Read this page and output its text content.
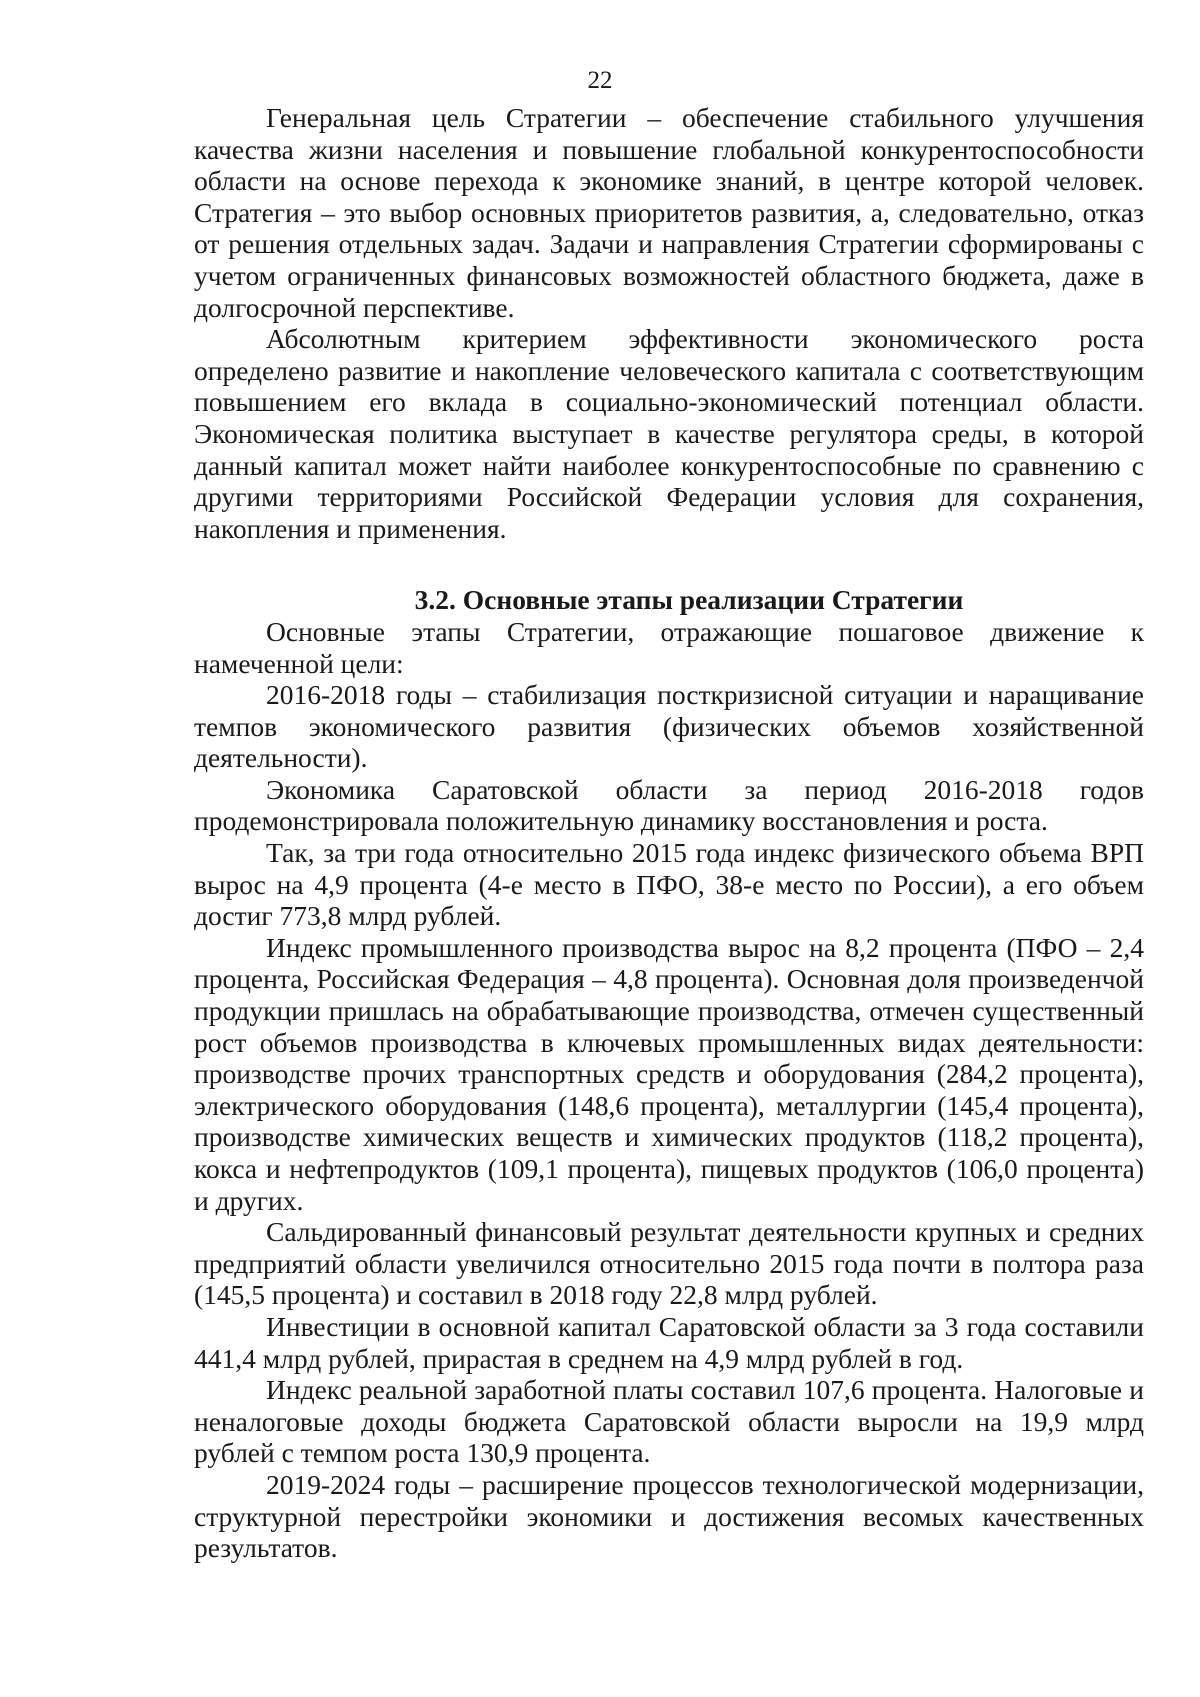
22

Генеральная цель Стратегии – обеспечение стабильного улучшения качества жизни населения и повышение глобальной конкурентоспособности области на основе перехода к экономике знаний, в центре которой человек. Стратегия – это выбор основных приоритетов развития, а, следовательно, отказ от решения отдельных задач. Задачи и направления Стратегии сформированы с учетом ограниченных финансовых возможностей областного бюджета, даже в долгосрочной перспективе.

Абсолютным критерием эффективности экономического роста определено развитие и накопление человеческого капитала с соответствующим повышением его вклада в социально-экономический потенциал области. Экономическая политика выступает в качестве регулятора среды, в которой данный капитал может найти наиболее конкурентоспособные по сравнению с другими территориями Российской Федерации условия для сохранения, накопления и применения.

3.2. Основные этапы реализации Стратегии

Основные этапы Стратегии, отражающие пошаговое движение к намеченной цели:

2016-2018 годы – стабилизация посткризисной ситуации и наращивание темпов экономического развития (физических объемов хозяйственной деятельности).

Экономика Саратовской области за период 2016-2018 годов продемонстрировала положительную динамику восстановления и роста.

Так, за три года относительно 2015 года индекс физического объема ВРП вырос на 4,9 процента (4-е место в ПФО, 38-е место по России), а его объем достиг 773,8 млрд рублей.

Индекс промышленного производства вырос на 8,2 процента (ПФО – 2,4 процента, Российская Федерация – 4,8 процента). Основная доля произведенчой продукции пришлась на обрабатывающие производства, отмечен существенный рост объемов производства в ключевых промышленных видах деятельности: производстве прочих транспортных средств и оборудования (284,2 процента), электрического оборудования (148,6 процента), металлургии (145,4 процента), производстве химических веществ и химических продуктов (118,2 процента), кокса и нефтепродуктов (109,1 процента), пищевых продуктов (106,0 процента) и других.

Сальдированный финансовый результат деятельности крупных и средних предприятий области увеличился относительно 2015 года почти в полтора раза (145,5 процента) и составил в 2018 году 22,8 млрд рублей.

Инвестиции в основной капитал Саратовской области за 3 года составили 441,4 млрд рублей, прирастая в среднем на 4,9 млрд рублей в год.

Индекс реальной заработной платы составил 107,6 процента. Налоговые и неналоговые доходы бюджета Саратовской области выросли на 19,9 млрд рублей с темпом роста 130,9 процента.

2019-2024 годы – расширение процессов технологической модернизации, структурной перестройки экономики и достижения весомых качественных результатов.
